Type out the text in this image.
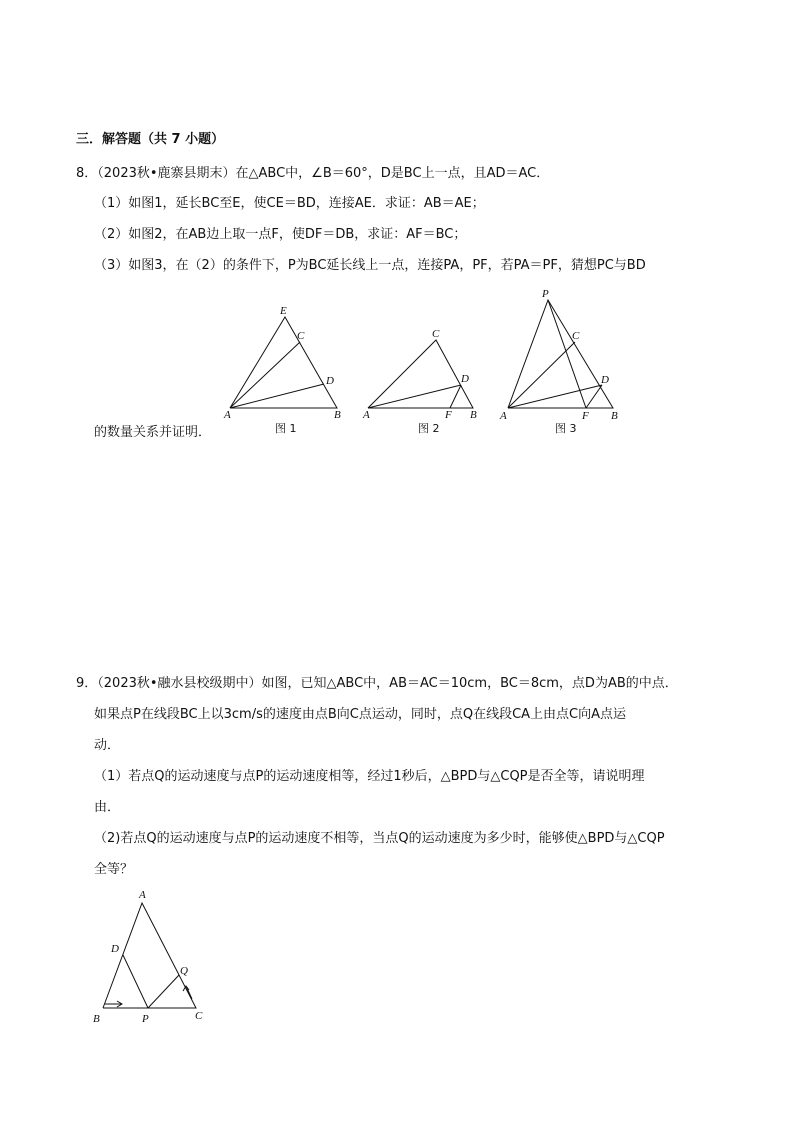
三．解答题（共 7 小题）
8．（2023秋•鹿寨县期末）在△ABC中，∠B＝60°，D是BC上一点，且AD＝AC．
（1）如图1，延长BC至E，使CE＝BD，连接AE．求证：AB＝AE；
（2）如图2，在AB边上取一点F，使DF＝DB，求证：AF＝BC；
（3）如图3，在（2）的条件下，P为BC延长线上一点，连接PA，PF，若PA＝PF，猜想PC与BD
的数量关系并证明．
E
C
D
A	B
图 1
C
D
A	F B
图 2
P
C
D
A	F B
图 3
9．（2023秋•融水县校级期中）如图，已知△ABC中，AB＝AC＝10cm，BC＝8cm，点D为AB的中点．
如果点P在线段BC上以3cm/s的速度由点B向C点运动，同时，点Q在线段CA上由点C向A点运
动．
（1）若点Q的运动速度与点P的运动速度相等，经过1秒后，△BPD与△CQP是否全等，请说明理
由．
（2)若点Q的运动速度与点P的运动速度不相等，当点Q的运动速度为多少时，能够使△BPD与△CQP
全等？
A
D
Q
B	P	C
